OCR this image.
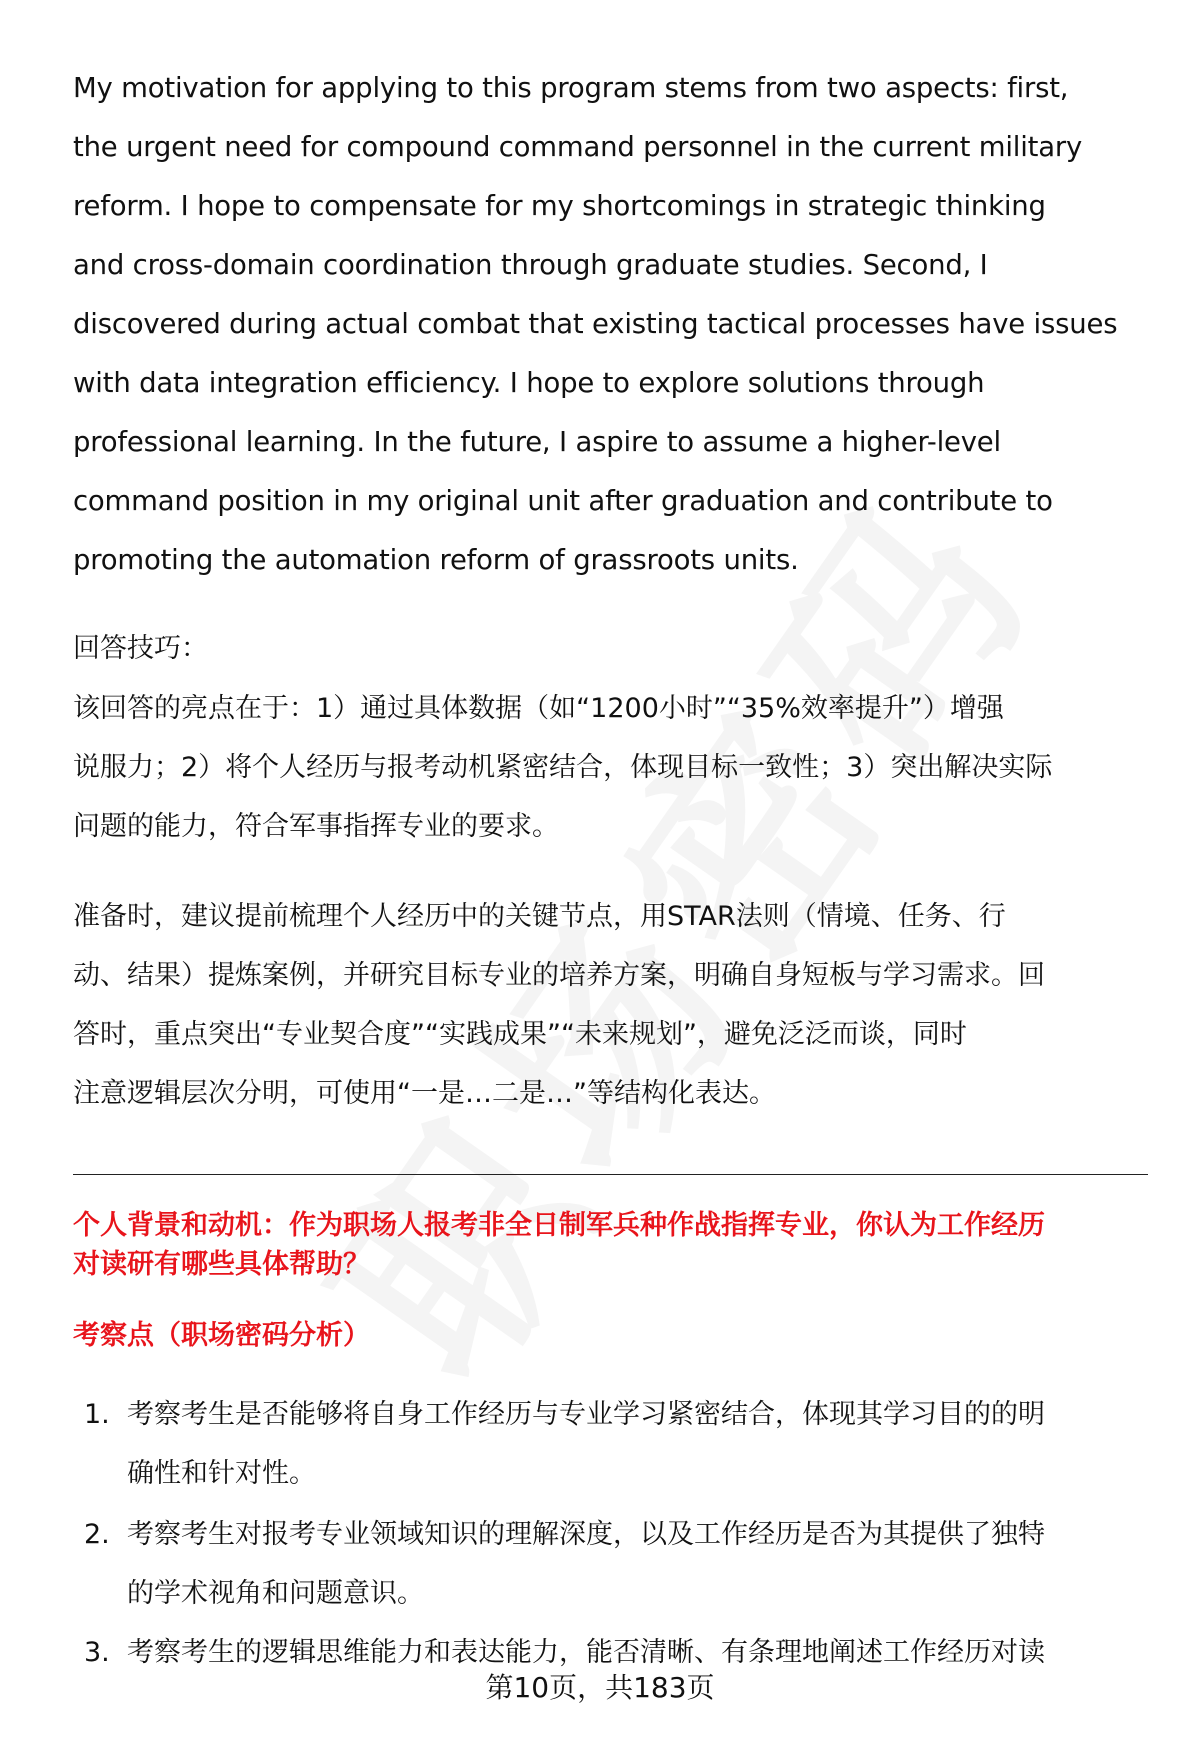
My motivation for applying to this program stems from two aspects: first,
the urgent need for compound command personnel in the current military
reform. I hope to compensate for my shortcomings in strategic thinking
and cross-domain coordination through graduate studies. Second, I
discovered during actual combat that existing tactical processes have issues
with data integration efficiency. I hope to explore solutions through
professional learning. In the future, I aspire to assume a higher-level
command position in my original unit after graduation and contribute to
promoting the automation reform of grassroots units.
回答技巧：
该回答的亮点在于：1）通过具体数据（如“1200小时”“35%效率提升”）增强
说服力；2）将个人经历与报考动机紧密结合，体现目标一致性；3）突出解决实际
问题的能力，符合军事指挥专业的要求。
准备时，建议提前梳理个人经历中的关键节点，用STAR法则（情境、任务、行
动、结果）提炼案例，并研究目标专业的培养方案，明确自身短板与学习需求。回
答时，重点突出“专业契合度”“实践成果”“未来规划”，避免泛泛而谈，同时
注意逻辑层次分明，可使用“一是…二是…”等结构化表达。
个人背景和动机：作为职场人报考非全日制军兵种作战指挥专业，你认为工作经历
对读研有哪些具体帮助？
考察点（职场密码分析）
1. 考察考生是否能够将自身工作经历与专业学习紧密结合，体现其学习目的的明
确性和针对性。
2. 考察考生对报考专业领域知识的理解深度，以及工作经历是否为其提供了独特
的学术视角和问题意识。
3. 考察考生的逻辑思维能力和表达能力，能否清晰、有条理地阐述工作经历对读
第10页，共183页
